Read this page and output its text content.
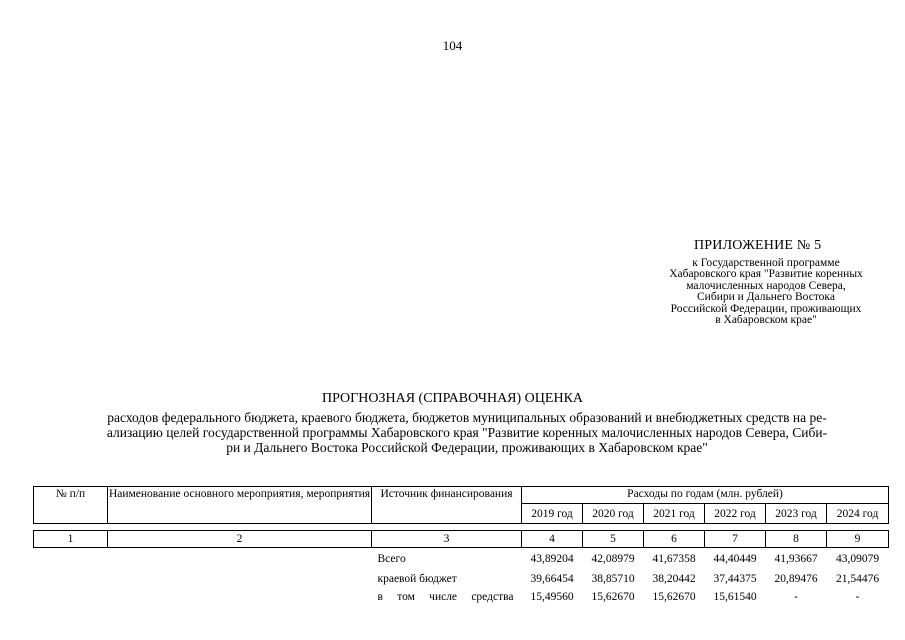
104
ПРИЛОЖЕНИЕ № 5
к Государственной программе
Хабаровского края "Развитие коренных
малочисленных народов Севера,
Сибири и Дальнего Востока
Российской Федерации, проживающих
в Хабаровском крае"
ПРОГНОЗНАЯ (СПРАВОЧНАЯ) ОЦЕНКА
расходов федерального бюджета, краевого бюджета, бюджетов муниципальных образований и внебюджетных средств на ре-
ализацию целей государственной программы Хабаровского края "Развитие коренных малочисленных народов Севера, Сиби-
ри и Дальнего Востока Российской Федерации, проживающих в Хабаровском крае"
№ п/п	Наименование основного мероприятия, мероприятия	Источник финансирования	Расходы по годам (млн. рублей)					
			2019 год	2020 год	2021 год	2022 год	2023 год	2024 год

1	2	3	4	5	6	7	8	9
		Всего	43,89204	42,08979	41,67358	44,40449	41,93667	43,09079
		краевой бюджет	39,66454	38,85710	38,20442	37,44375	20,89476	21,54476

		в том числе средства	15,49560	15,62670	15,62670	15,61540	-	-
